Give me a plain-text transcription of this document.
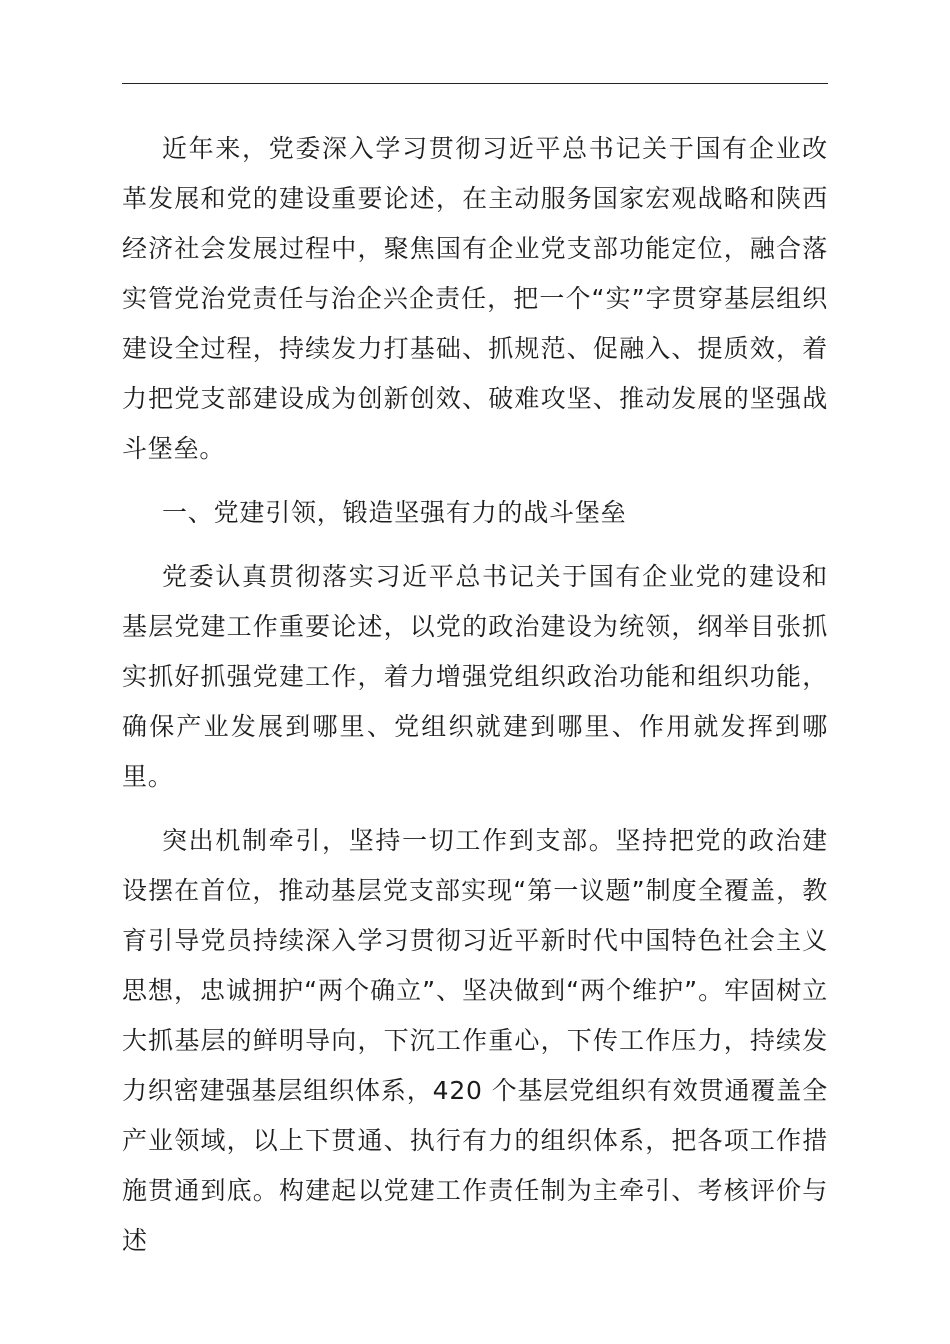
近年来，党委深入学习贯彻习近平总书记关于国有企业改革发展和党的建设重要论述，在主动服务国家宏观战略和陕西经济社会发展过程中，聚焦国有企业党支部功能定位，融合落实管党治党责任与治企兴企责任，把一个“实”字贯穿基层组织建设全过程，持续发力打基础、抓规范、促融入、提质效，着力把党支部建设成为创新创效、破难攻坚、推动发展的坚强战斗堡垒。

一、党建引领，锻造坚强有力的战斗堡垒

党委认真贯彻落实习近平总书记关于国有企业党的建设和基层党建工作重要论述，以党的政治建设为统领，纲举目张抓实抓好抓强党建工作，着力增强党组织政治功能和组织功能，确保产业发展到哪里、党组织就建到哪里、作用就发挥到哪里。

突出机制牵引，坚持一切工作到支部。坚持把党的政治建设摆在首位，推动基层党支部实现“第一议题”制度全覆盖，教育引导党员持续深入学习贯彻习近平新时代中国特色社会主义思想，忠诚拥护“两个确立”、坚决做到“两个维护”。牢固树立大抓基层的鲜明导向，下沉工作重心，下传工作压力，持续发力织密建强基层组织体系，420 个基层党组织有效贯通覆盖全产业领域，以上下贯通、执行有力的组织体系，把各项工作措施贯通到底。构建起以党建工作责任制为主牵引、考核评价与述
